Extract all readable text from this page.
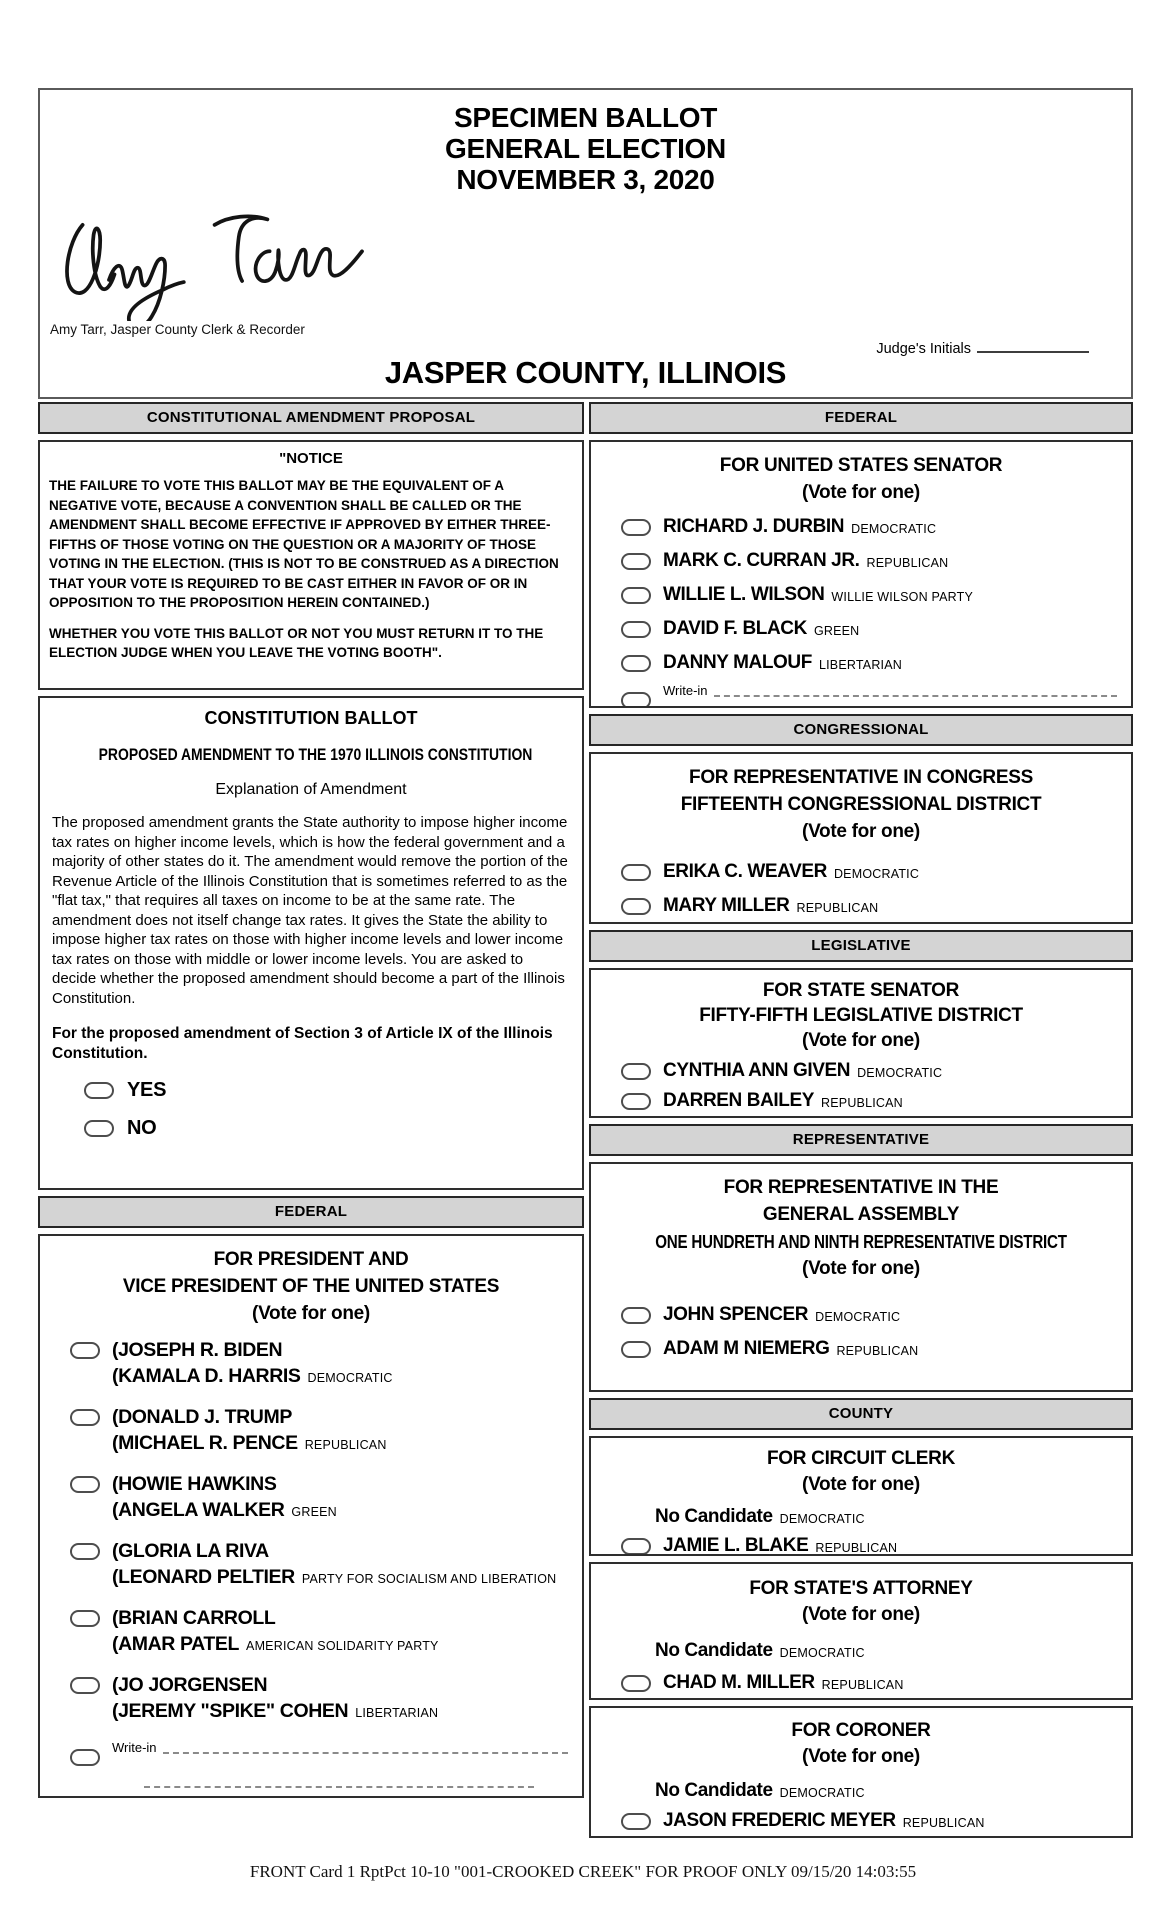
SPECIMEN BALLOT
GENERAL ELECTION
NOVEMBER 3, 2020
Amy Tarr, Jasper County Clerk & Recorder
Judge's Initials
JASPER COUNTY, ILLINOIS
CONSTITUTIONAL AMENDMENT PROPOSAL
"NOTICE
THE FAILURE TO VOTE THIS BALLOT MAY BE THE EQUIVALENT OF A NEGATIVE VOTE, BECAUSE A CONVENTION SHALL BE CALLED OR THE AMENDMENT SHALL BECOME EFFECTIVE IF APPROVED BY EITHER THREE-FIFTHS OF THOSE VOTING ON THE QUESTION OR A MAJORITY OF THOSE VOTING IN THE ELECTION. (THIS IS NOT TO BE CONSTRUED AS A DIRECTION THAT YOUR VOTE IS REQUIRED TO BE CAST EITHER IN FAVOR OF OR IN OPPOSITION TO THE PROPOSITION HEREIN CONTAINED.)
WHETHER YOU VOTE THIS BALLOT OR NOT YOU MUST RETURN IT TO THE ELECTION JUDGE WHEN YOU LEAVE THE VOTING BOOTH".
CONSTITUTION BALLOT
PROPOSED AMENDMENT TO THE 1970 ILLINOIS CONSTITUTION
Explanation of Amendment
The proposed amendment grants the State authority to impose higher income tax rates on higher income levels, which is how the federal government and a majority of other states do it. The amendment would remove the portion of the Revenue Article of the Illinois Constitution that is sometimes referred to as the "flat tax," that requires all taxes on income to be at the same rate. The amendment does not itself change tax rates. It gives the State the ability to impose higher tax rates on those with higher income levels and lower income tax rates on those with middle or lower income levels. You are asked to decide whether the proposed amendment should become a part of the Illinois Constitution.
For the proposed amendment of Section 3 of Article IX of the Illinois Constitution.
YES
NO
FEDERAL
FOR PRESIDENT AND
VICE PRESIDENT OF THE UNITED STATES
(Vote for one)
(JOSEPH R. BIDEN
(KAMALA D. HARRIS DEMOCRATIC
(DONALD J. TRUMP
(MICHAEL R. PENCE REPUBLICAN
(HOWIE HAWKINS
(ANGELA WALKER GREEN
(GLORIA LA RIVA
(LEONARD PELTIER PARTY FOR SOCIALISM AND LIBERATION
(BRIAN CARROLL
(AMAR PATEL AMERICAN SOLIDARITY PARTY
(JO JORGENSEN
(JEREMY "SPIKE" COHEN LIBERTARIAN
Write-in
FEDERAL
FOR UNITED STATES SENATOR
(Vote for one)
RICHARD J. DURBIN DEMOCRATIC
MARK C. CURRAN JR. REPUBLICAN
WILLIE L. WILSON WILLIE WILSON PARTY
DAVID F. BLACK GREEN
DANNY MALOUF LIBERTARIAN
Write-in
CONGRESSIONAL
FOR REPRESENTATIVE IN CONGRESS
FIFTEENTH CONGRESSIONAL DISTRICT
(Vote for one)
ERIKA C. WEAVER DEMOCRATIC
MARY MILLER REPUBLICAN
LEGISLATIVE
FOR STATE SENATOR
FIFTY-FIFTH LEGISLATIVE DISTRICT
(Vote for one)
CYNTHIA ANN GIVEN DEMOCRATIC
DARREN BAILEY REPUBLICAN
REPRESENTATIVE
FOR REPRESENTATIVE IN THE
GENERAL ASSEMBLY
ONE HUNDRETH AND NINTH REPRESENTATIVE DISTRICT
(Vote for one)
JOHN SPENCER DEMOCRATIC
ADAM M NIEMERG REPUBLICAN
COUNTY
FOR CIRCUIT CLERK
(Vote for one)
No Candidate DEMOCRATIC
JAMIE L. BLAKE REPUBLICAN
FOR STATE'S ATTORNEY
(Vote for one)
No Candidate DEMOCRATIC
CHAD M. MILLER REPUBLICAN
FOR CORONER
(Vote for one)
No Candidate DEMOCRATIC
JASON FREDERIC MEYER REPUBLICAN
FRONT Card 1 RptPct 10-10 "001-CROOKED CREEK" FOR PROOF ONLY 09/15/20 14:03:55
